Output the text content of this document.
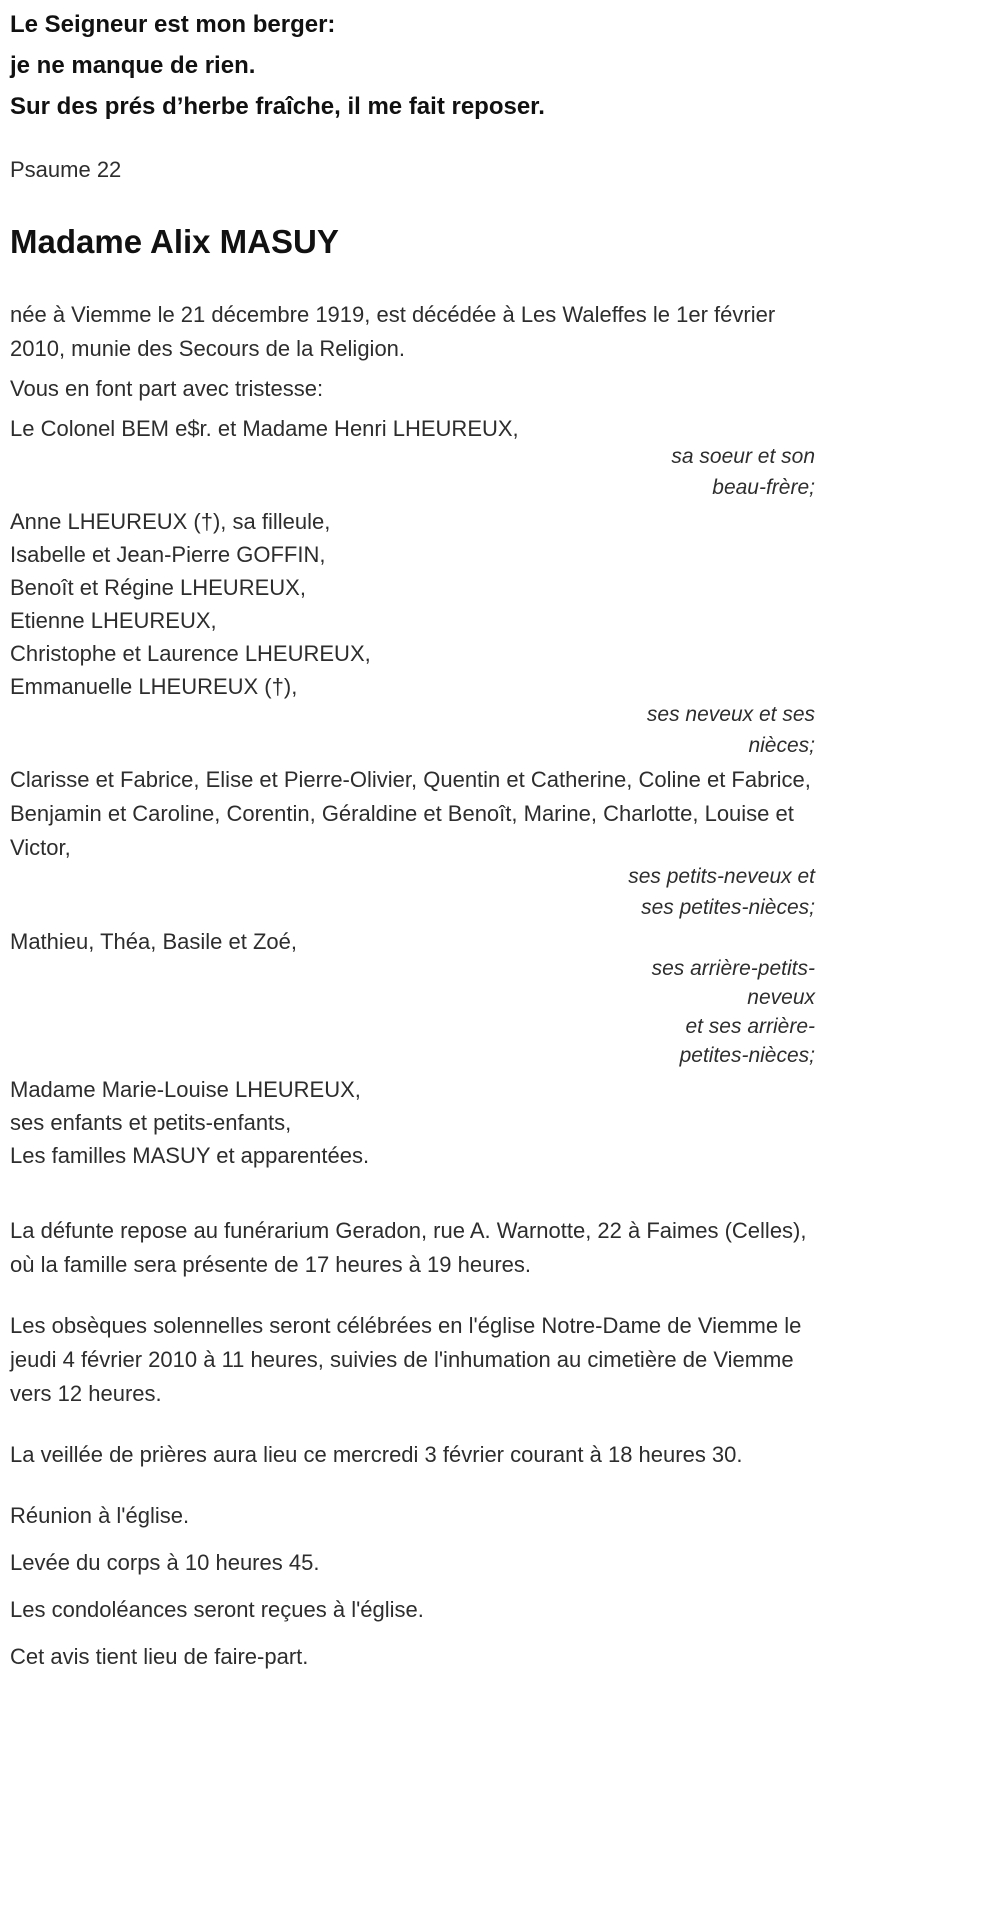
Le Seigneur est mon berger:

je ne manque de rien.

Sur des prés d’herbe fraîche, il me fait reposer.

Psaume 22

Madame Alix MASUY

née à Viemme le 21 décembre 1919, est décédée à Les Waleffes le 1er février 2010, munie des Secours de la Religion.

Vous en font part avec tristesse:

Le Colonel BEM e$r. et Madame Henri LHEUREUX,
sa soeur et son
beau-frère;
Anne LHEUREUX (†), sa filleule,
Isabelle et Jean-Pierre GOFFIN,
Benoît et Régine LHEUREUX,
Etienne LHEUREUX,
Christophe et Laurence LHEUREUX,
Emmanuelle LHEUREUX (†),
ses neveux et ses
nièces;
Clarisse et Fabrice, Elise et Pierre-Olivier, Quentin et Catherine, Coline et Fabrice, Benjamin et Caroline, Corentin, Géraldine et Benoît, Marine, Charlotte, Louise et Victor,
ses petits-neveux et
ses petites-nièces;
Mathieu, Théa, Basile et Zoé,
ses arrière-petits-
neveux
et ses arrière-
petites-nièces;
Madame Marie-Louise LHEUREUX,
ses enfants et petits-enfants,
Les familles MASUY et apparentées.

La défunte repose au funérarium Geradon, rue A. Warnotte, 22 à Faimes (Celles), où la famille sera présente de 17 heures à 19 heures.

Les obsèques solennelles seront célébrées en l'église Notre-Dame de Viemme le jeudi 4 février 2010 à 11 heures, suivies de l'inhumation au cimetière de Viemme vers 12 heures.

La veillée de prières aura lieu ce mercredi 3 février courant à 18 heures 30.

Réunion à l'église.

Levée du corps à 10 heures 45.

Les condoléances seront reçues à l'église.

Cet avis tient lieu de faire-part.
